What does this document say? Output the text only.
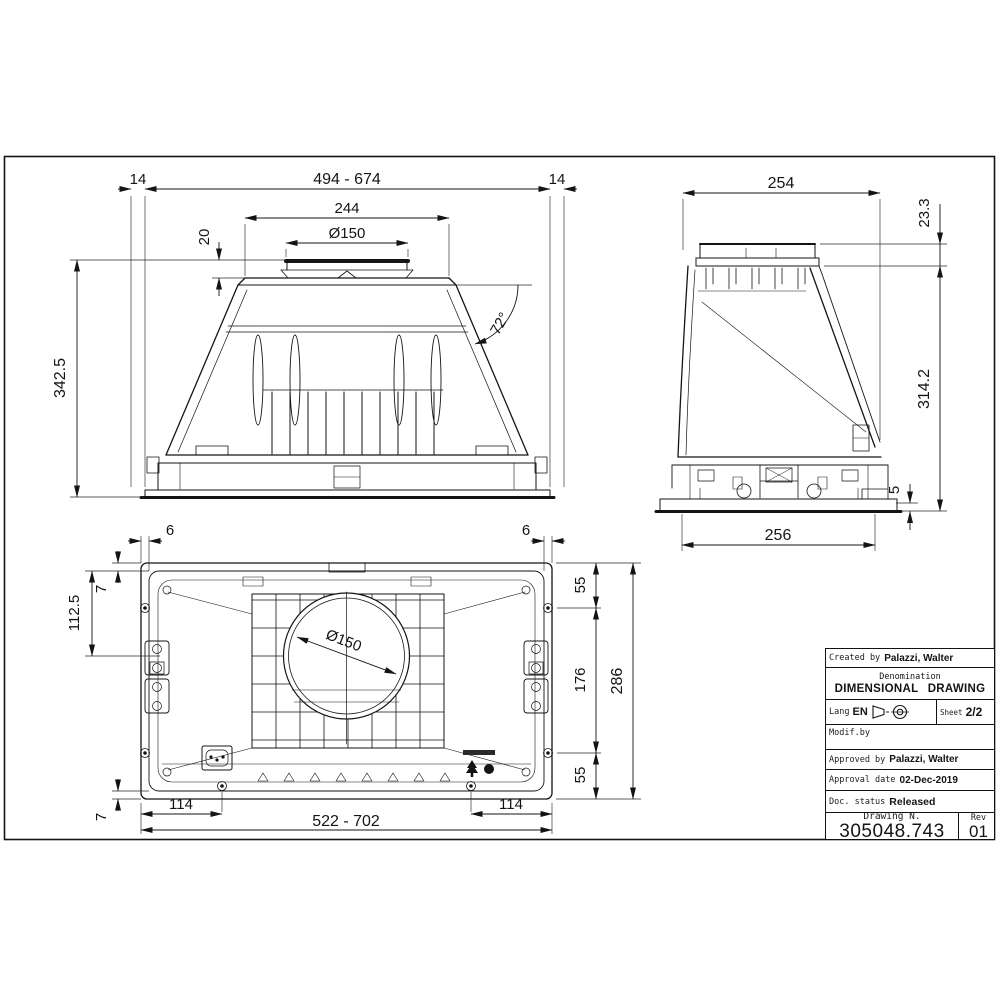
14	494 - 674	14
244
Ø150
20
342.5
72°
254
23.3
314.2
5
256
6	6
7
112.5
Ø150
55
176
55
286
7
114	114
522 - 702
Created by Palazzi, Walter
Denomination
DIMENSIONAL DRAWING
Lang EN	Sheet 2/2
Modif.by
Approved by Palazzi, Walter
Approval date 02-Dec-2019
Doc. status Released
Drawing N.
305048.743
Rev
01
